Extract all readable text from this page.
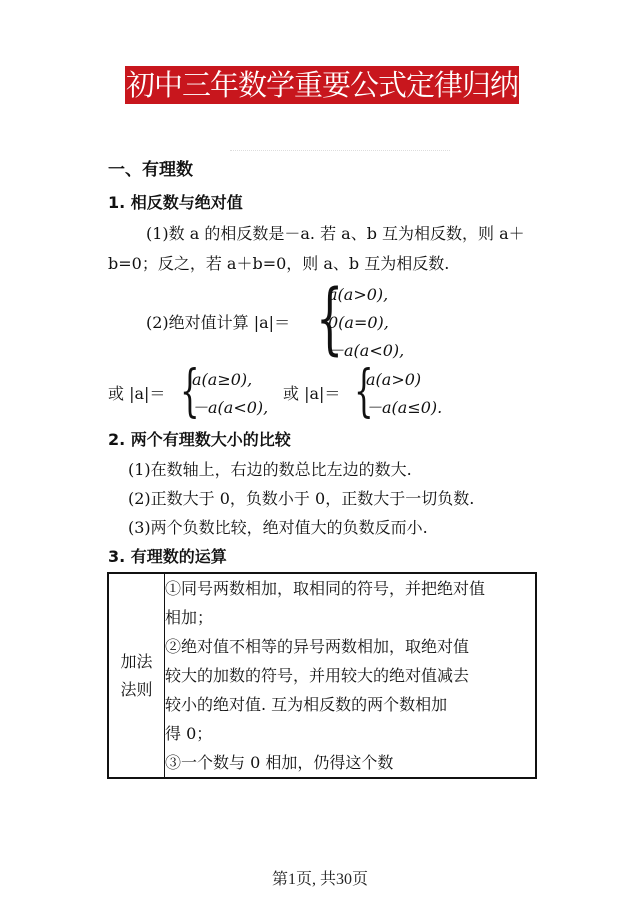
初中三年数学重要公式定律归纳
一、有理数
1. 相反数与绝对值
(1)数 a 的相反数是－a. 若 a、b 互为相反数，则 a＋
b=0；反之，若 a＋b=0，则 a、b 互为相反数.
(2)绝对值计算 |a|＝ {
a(a>0),
0(a=0),
－a(a<0),
或 |a|＝ {
a(a≥0),
－a(a<0),
或 |a|＝ {
a(a>0)
－a(a≤0).
2. 两个有理数大小的比较
(1)在数轴上，右边的数总比左边的数大.
(2)正数大于 0，负数小于 0，正数大于一切负数.
(3)两个负数比较，绝对值大的负数反而小.
3. 有理数的运算
加法
法则

①同号两数相加，取相同的符号，并把绝对值
相加；
②绝对值不相等的异号两数相加，取绝对值
较大的加数的符号，并用较大的绝对值减去
较小的绝对值. 互为相反数的两个数相加
得 0；
③一个数与 0 相加，仍得这个数
第1页, 共30页
